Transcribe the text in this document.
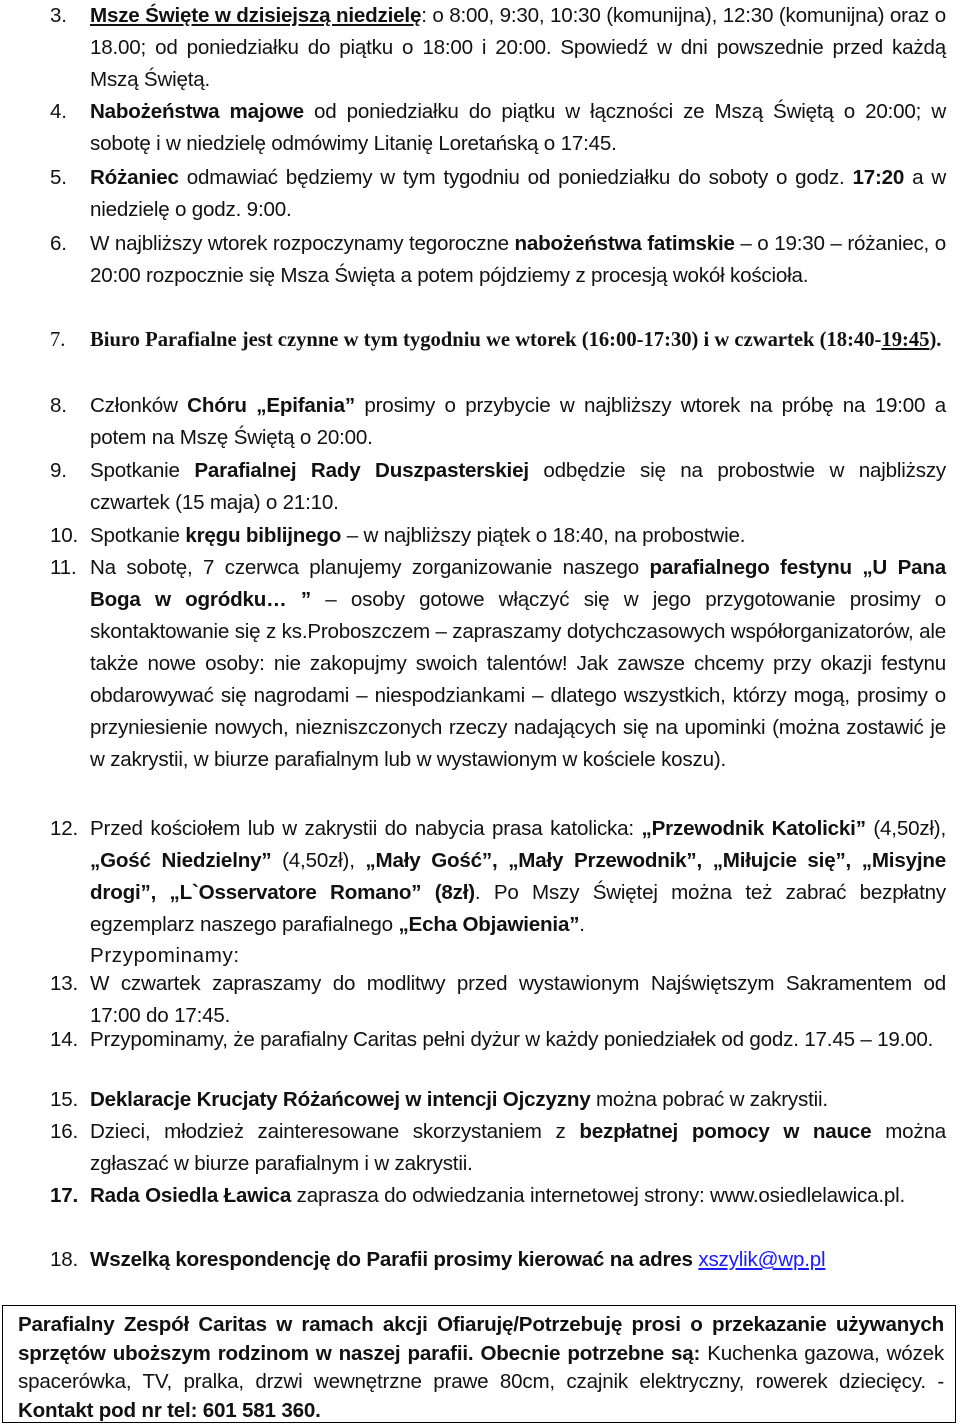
3.	Msze Święte w dzisiejszą niedzielę: o 8:00, 9:30, 10:30 (komunijna), 12:30 (komunijna) oraz o 18.00; od poniedziałku do piątku o 18:00 i 20:00. Spowiedź w dni powszednie przed każdą Mszą Świętą.
4.	Nabożeństwa majowe od poniedziałku do piątku w łączności ze Mszą Świętą o 20:00; w sobotę i w niedzielę odmówimy Litanię Loretańską o 17:45.
5.	Różaniec odmawiać będziemy w tym tygodniu od poniedziałku do soboty o godz. 17:20 a w niedzielę o godz. 9:00.
6.	W najbliższy wtorek rozpoczynamy tegoroczne nabożeństwa fatimskie – o 19:30 – różaniec, o 20:00 rozpocznie się Msza Święta a potem pójdziemy z procesją wokół kościoła.
7.	Biuro Parafialne jest czynne w tym tygodniu we wtorek (16:00-17:30) i w czwartek (18:40-19:45).
8.	Członków Chóru „Epifania” prosimy o przybycie w najbliższy wtorek na próbę na 19:00 a potem na Mszę Świętą o 20:00.
9.	Spotkanie Parafialnej Rady Duszpasterskiej odbędzie się na probostwie w najbliższy czwartek (15 maja) o 21:10.
10. Spotkanie kręgu biblijnego – w najbliższy piątek o 18:40, na probostwie.
11. Na sobotę, 7 czerwca planujemy zorganizowanie naszego parafialnego festynu „U Pana Boga w ogródku… ” – osoby gotowe włączyć się w jego przygotowanie prosimy o skontaktowanie się z ks.Proboszczem – zapraszamy dotychczasowych współorganizatorów, ale także nowe osoby: nie zakopujmy swoich talentów! Jak zawsze chcemy przy okazji festynu obdarowywać się nagrodami – niespodziankami – dlatego wszystkich, którzy mogą, prosimy o przyniesienie nowych, niezniszczonych rzeczy nadających się na upominki (można zostawić je w zakrystii, w biurze parafialnym lub w wystawionym w kościele koszu).
12. Przed kościołem lub w zakrystii do nabycia prasa katolicka: „Przewodnik Katolicki” (4,50zł), „Gość Niedzielny” (4,50zł), „Mały Gość”, „Mały Przewodnik”, „Miłujcie się”, „Misyjne drogi”, „L`Osservatore Romano” (8zł). Po Mszy Świętej można też zabrać bezpłatny egzemplarz naszego parafialnego „Echa Objawienia”.
13. W czwartek zapraszamy do modlitwy przed wystawionym Najświętszym Sakramentem od 17:00 do 17:45.
14. Przypominamy, że parafialny Caritas pełni dyżur w każdy poniedziałek od godz. 17.45 – 19.00.
15. Deklaracje Krucjaty Różańcowej w intencji Ojczyzny można pobrać w zakrystii.
16. Dzieci, młodzież zainteresowane skorzystaniem z bezpłatnej pomocy w nauce można zgłaszać w biurze parafialnym i w zakrystii.
17. Rada Osiedla Ławica zaprasza do odwiedzania internetowej strony: www.osiedlelawica.pl.
18. Wszelką korespondencję do Parafii prosimy kierować na adres xszylik@wp.pl
Przypominamy:
Parafialny Zespół Caritas w ramach akcji Ofiaruję/Potrzebuję prosi o przekazanie używanych sprzętów uboższym rodzinom w naszej parafii. Obecnie potrzebne są: Kuchenka gazowa, wózek spacerówka, TV, pralka, drzwi wewnętrzne prawe 80cm, czajnik elektryczny, rowerek dziecięcy. - Kontakt pod nr tel: 601 581 360.
